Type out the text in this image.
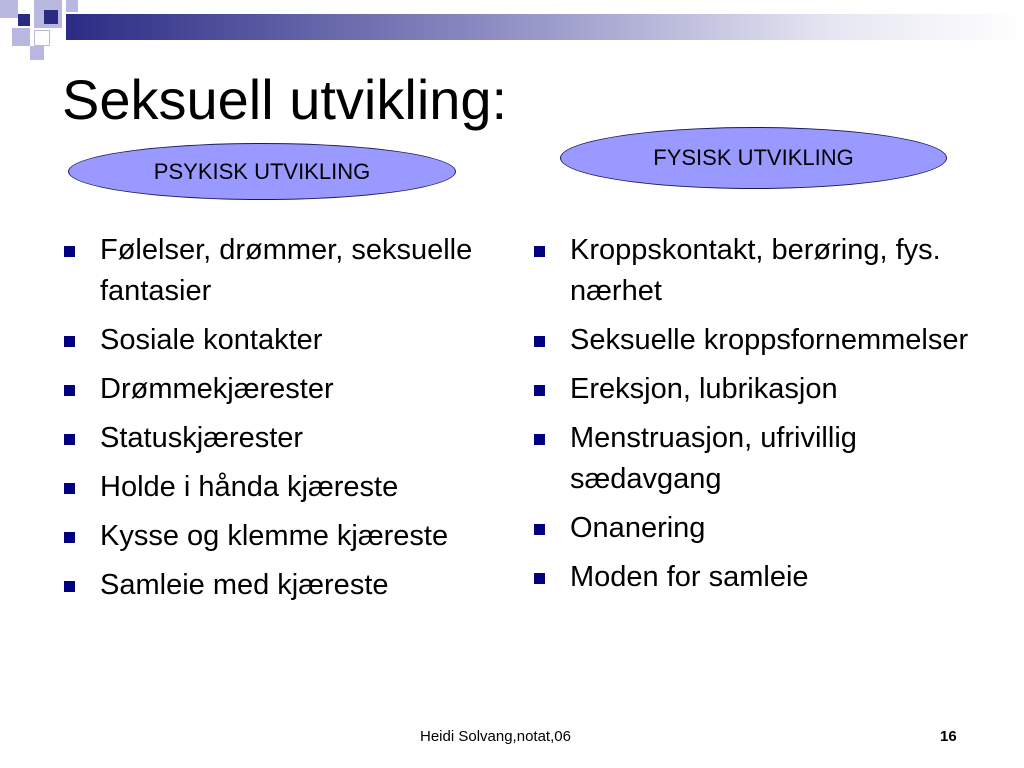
Seksuell utvikling:
PSYKISK UTVIKLING
FYSISK UTVIKLING
Følelser, drømmer, seksuelle fantasier
Sosiale kontakter
Drømmekjærester
Statuskjærester
Holde i hånda kjæreste
Kysse og klemme kjæreste
Samleie med kjæreste
Kroppskontakt, berøring, fys. nærhet
Seksuelle kroppsfornemmelser
Ereksjon, lubrikasjon
Menstruasjon, ufrivillig sædavgang
Onanering
Moden for samleie
Heidi Solvang,notat,06	16
